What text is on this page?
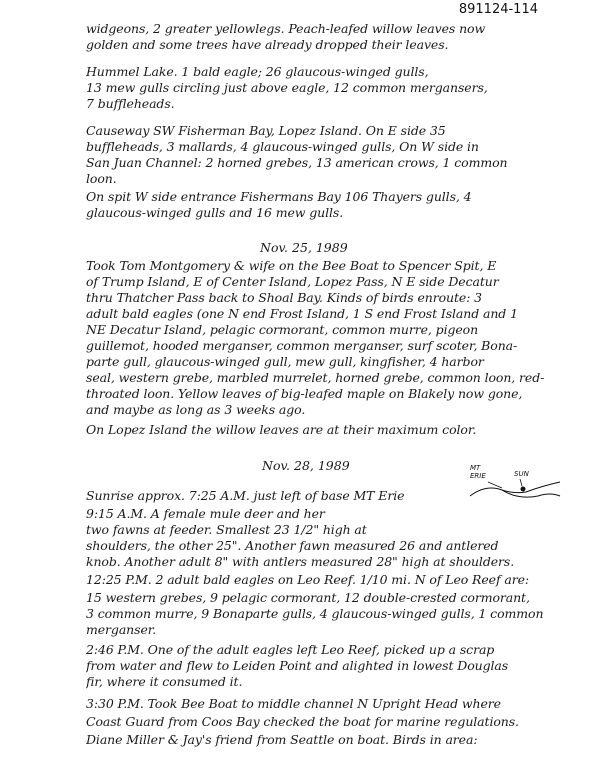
891124-114
widgeons, 2 greater yellowlegs. Peach-leafed willow leaves now
golden and some trees have already dropped their leaves.
Hummel Lake. 1 bald eagle; 26 glaucous-winged gulls,
13 mew gulls circling just above eagle, 12 common mergansers,
7 buffleheads.
Causeway SW Fisherman Bay, Lopez Island. On E side 35
buffleheads, 3 mallards, 4 glaucous-winged gulls, On W side in
San Juan Channel: 2 horned grebes, 13 american crows, 1 common
loon.
On spit W side entrance Fishermans Bay 106 Thayers gulls, 4
glaucous-winged gulls and 16 mew gulls.
Nov. 25, 1989
Took Tom Montgomery & wife on the Bee Boat to Spencer Spit, E
of Trump Island, E of Center Island, Lopez Pass, N E side Decatur
thru Thatcher Pass back to Shoal Bay. Kinds of birds enroute: 3
adult bald eagles (one N end Frost Island, 1 S end Frost Island and 1
NE Decatur Island, pelagic cormorant, common murre, pigeon
guillemot, hooded merganser, common merganser, surf scoter, Bona-
parte gull, glaucous-winged gull, mew gull, kingfisher, 4 harbor
seal, western grebe, marbled murrelet, horned grebe, common loon, red-
throated loon. Yellow leaves of big-leafed maple on Blakely now gone,
and maybe as long as 3 weeks ago.
On Lopez Island the willow leaves are at their maximum color.
Nov. 28, 1989	MT
ERIE	SUN
Sunrise approx. 7:25 A.M. just left of base MT Erie
9:15 A.M. A female mule deer and her
two fawns at feeder. Smallest 23 1/2" high at
shoulders, the other 25". Another fawn measured 26 and antlered
knob. Another adult 8" with antlers measured 28" high at shoulders.
12:25 P.M. 2 adult bald eagles on Leo Reef. 1/10 mi. N of Leo Reef are:
15 western grebes, 9 pelagic cormorant, 12 double-crested cormorant,
3 common murre, 9 Bonaparte gulls, 4 glaucous-winged gulls, 1 common
merganser.
2:46 P.M. One of the adult eagles left Leo Reef, picked up a scrap
from water and flew to Leiden Point and alighted in lowest Douglas
fir, where it consumed it.
3:30 P.M. Took Bee Boat to middle channel N Upright Head where
Coast Guard from Coos Bay checked the boat for marine regulations.
Diane Miller & Jay's friend from Seattle on boat. Birds in area:
